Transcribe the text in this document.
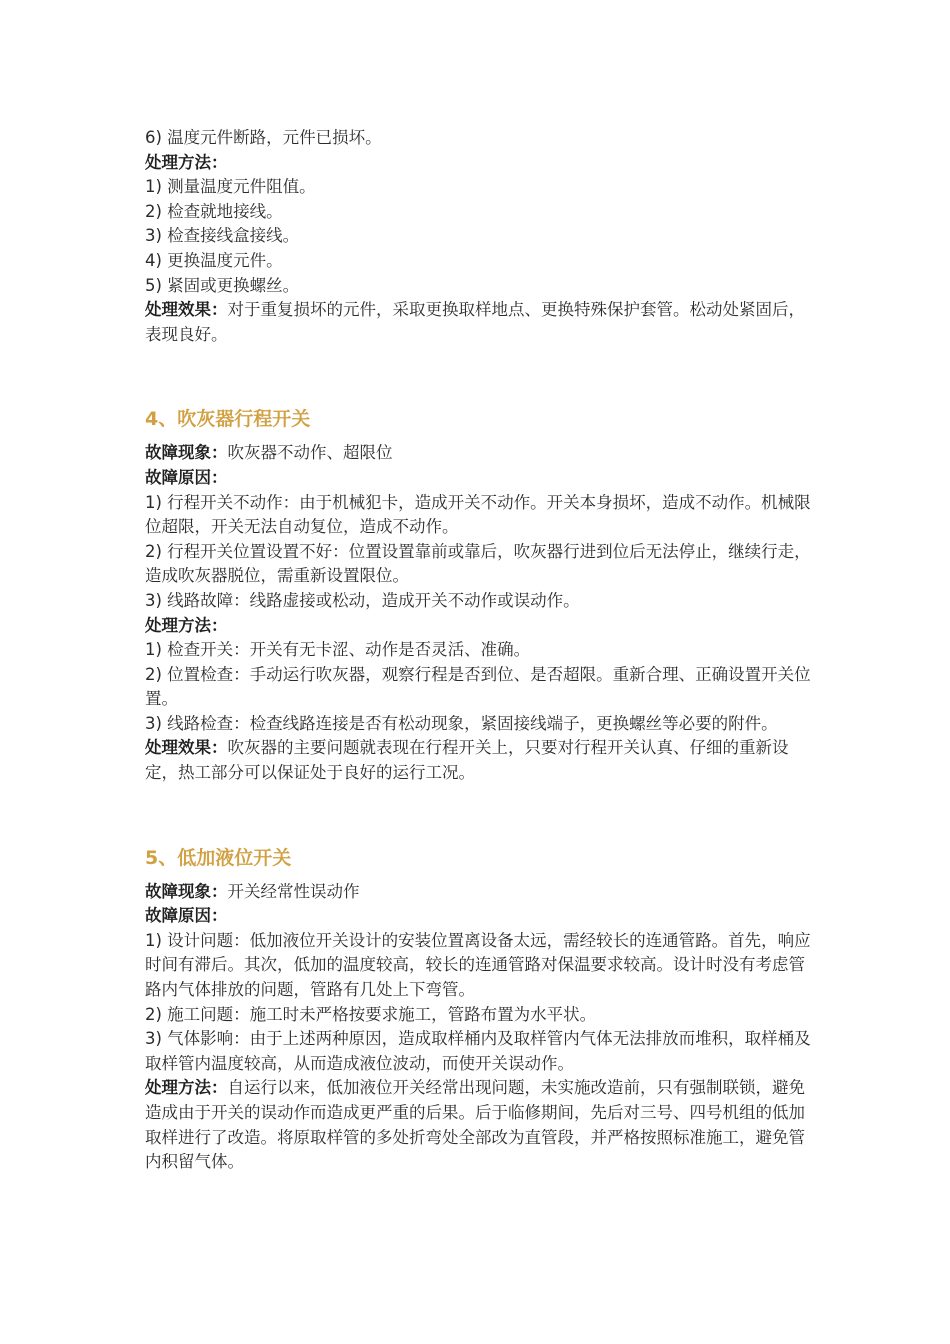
6) 温度元件断路，元件已损坏。
处理方法：
1) 测量温度元件阻值。
2) 检查就地接线。
3) 检查接线盒接线。
4) 更换温度元件。
5) 紧固或更换螺丝。
处理效果：对于重复损坏的元件，采取更换取样地点、更换特殊保护套管。松动处紧固后，表现良好。
4、吹灰器行程开关
故障现象：吹灰器不动作、超限位
故障原因：
1) 行程开关不动作：由于机械犯卡，造成开关不动作。开关本身损坏，造成不动作。机械限位超限，开关无法自动复位，造成不动作。
2) 行程开关位置设置不好：位置设置靠前或靠后，吹灰器行进到位后无法停止，继续行走，造成吹灰器脱位，需重新设置限位。
3) 线路故障：线路虚接或松动，造成开关不动作或误动作。
处理方法：
1) 检查开关：开关有无卡涩、动作是否灵活、准确。
2) 位置检查：手动运行吹灰器，观察行程是否到位、是否超限。重新合理、正确设置开关位置。
3) 线路检查：检查线路连接是否有松动现象，紧固接线端子，更换螺丝等必要的附件。
处理效果：吹灰器的主要问题就表现在行程开关上，只要对行程开关认真、仔细的重新设定，热工部分可以保证处于良好的运行工况。
5、低加液位开关
故障现象：开关经常性误动作
故障原因：
1) 设计问题：低加液位开关设计的安装位置离设备太远，需经较长的连通管路。首先，响应时间有滞后。其次，低加的温度较高，较长的连通管路对保温要求较高。设计时没有考虑管路内气体排放的问题，管路有几处上下弯管。
2) 施工问题：施工时未严格按要求施工，管路布置为水平状。
3) 气体影响：由于上述两种原因，造成取样桶内及取样管内气体无法排放而堆积，取样桶及取样管内温度较高，从而造成液位波动，而使开关误动作。
处理方法：自运行以来，低加液位开关经常出现问题，未实施改造前，只有强制联锁，避免造成由于开关的误动作而造成更严重的后果。后于临修期间，先后对三号、四号机组的低加取样进行了改造。将原取样管的多处折弯处全部改为直管段，并严格按照标准施工，避免管内积留气体。
